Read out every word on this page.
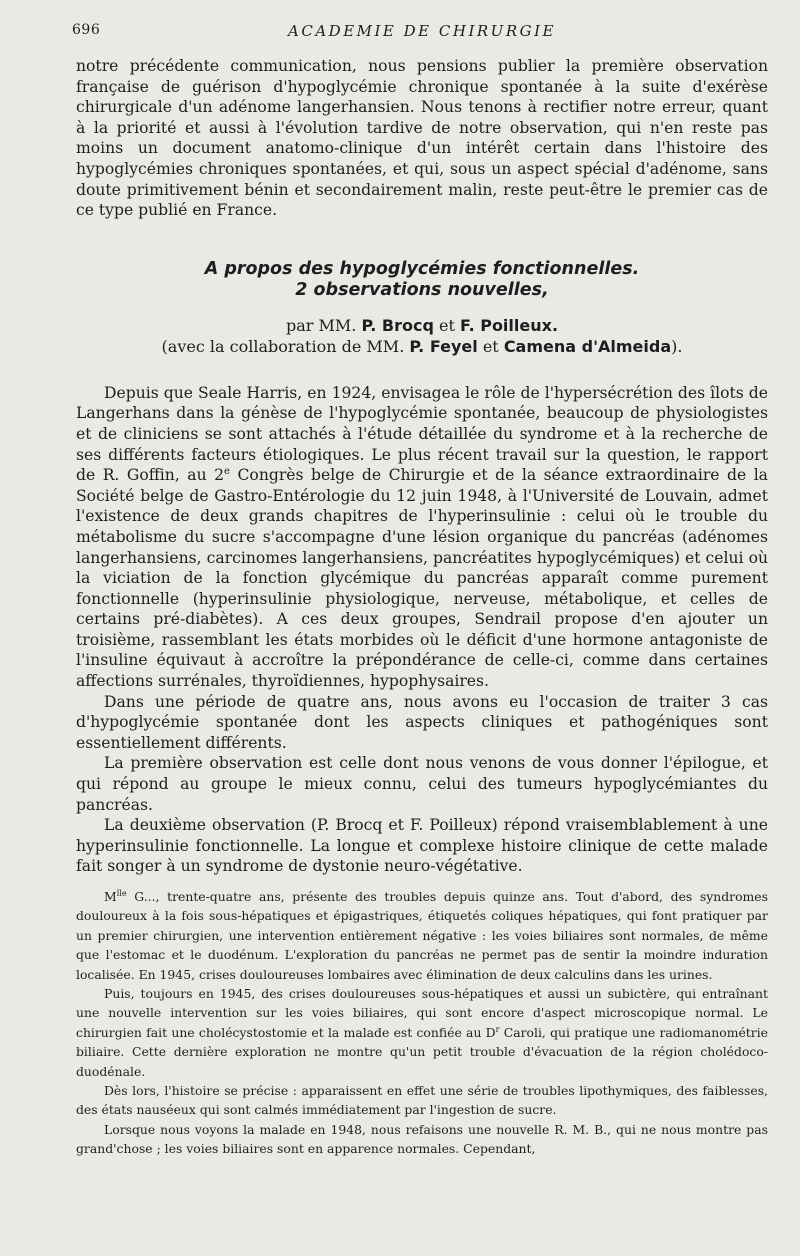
696	ACADEMIE DE CHIRURGIE

notre précédente communication, nous pensions publier la première observation française de guérison d'hypoglycémie chronique spontanée à la suite d'exérèse chirurgicale d'un adénome langerhansien. Nous tenons à rectifier notre erreur, quant à la priorité et aussi à l'évolution tardive de notre observation, qui n'en reste pas moins un document anatomo-clinique d'un intérêt certain dans l'histoire des hypoglycémies chroniques spontanées, et qui, sous un aspect spécial d'adénome, sans doute primitivement bénin et secondairement malin, reste peut-être le premier cas de ce type publié en France.

A propos des hypoglycémies fonctionnelles.
2 observations nouvelles,
par MM. P. Brocq et F. Poilleux.
(avec la collaboration de MM. P. Feyel et Camena d'Almeida).

Depuis que Seale Harris, en 1924, envisagea le rôle de l'hypersécrétion des îlots de Langerhans dans la génèse de l'hypoglycémie spontanée, beaucoup de physiologistes et de cliniciens se sont attachés à l'étude détaillée du syndrome et à la recherche de ses différents facteurs étiologiques. Le plus récent travail sur la question, le rapport de R. Goffin, au 2e Congrès belge de Chirurgie et de la séance extraordinaire de la Société belge de Gastro-Entérologie du 12 juin 1948, à l'Université de Louvain, admet l'existence de deux grands chapitres de l'hyperinsulinie : celui où le trouble du métabolisme du sucre s'accompagne d'une lésion organique du pancréas (adénomes langerhansiens, carcinomes langerhansiens, pancréatites hypoglycémiques) et celui où la viciation de la fonction glycémique du pancréas apparaît comme purement fonctionnelle (hyperinsulinie physiologique, nerveuse, métabolique, et celles de certains pré-diabètes). A ces deux groupes, Sendrail propose d'en ajouter un troisième, rassemblant les états morbides où le déficit d'une hormone antagoniste de l'insuline équivaut à accroître la prépondérance de celle-ci, comme dans certaines affections surrénales, thyroïdiennes, hypophysaires.

Dans une période de quatre ans, nous avons eu l'occasion de traiter 3 cas d'hypoglycémie spontanée dont les aspects cliniques et pathogéniques sont essentiellement différents.

La première observation est celle dont nous venons de vous donner l'épilogue, et qui répond au groupe le mieux connu, celui des tumeurs hypoglycémiantes du pancréas.

La deuxième observation (P. Brocq et F. Poilleux) répond vraisemblablement à une hyperinsulinie fonctionnelle. La longue et complexe histoire clinique de cette malade fait songer à un syndrome de dystonie neuro-végétative.

$M^{lle}$ G..., trente-quatre ans, présente des troubles depuis quinze ans. Tout d'abord, des syndromes douloureux à la fois sous-hépatiques et épigastriques, étiquetés coliques hépatiques, qui font pratiquer par un premier chirurgien, une intervention entièrement négative : les voies biliaires sont normales, de même que l'estomac et le duodénum. L'exploration du pancréas ne permet pas de sentir la moindre induration localisée. En 1945, crises douloureuses lombaires avec élimination de deux calculins dans les urines.

Puis, toujours en 1945, des crises douloureuses sous-hépatiques et aussi un subictère, qui entraînant une nouvelle intervention sur les voies biliaires, qui sont encore d'aspect microscopique normal. Le chirurgien fait une cholécystostomie et la malade est confiée au $D^r$ Caroli, qui pratique une radiomanométrie biliaire. Cette dernière exploration ne montre qu'un petit trouble d'évacuation de la région cholédoco-duodénale.

Dès lors, l'histoire se précise : apparaissent en effet une série de troubles lipothymiques, des faiblesses, des états nauséeux qui sont calmés immédiatement par l'ingestion de sucre.

Lorsque nous voyons la malade en 1948, nous refaisons une nouvelle R. M. B., qui ne nous montre pas grand'chose ; les voies biliaires sont en apparence normales. Cependant,
